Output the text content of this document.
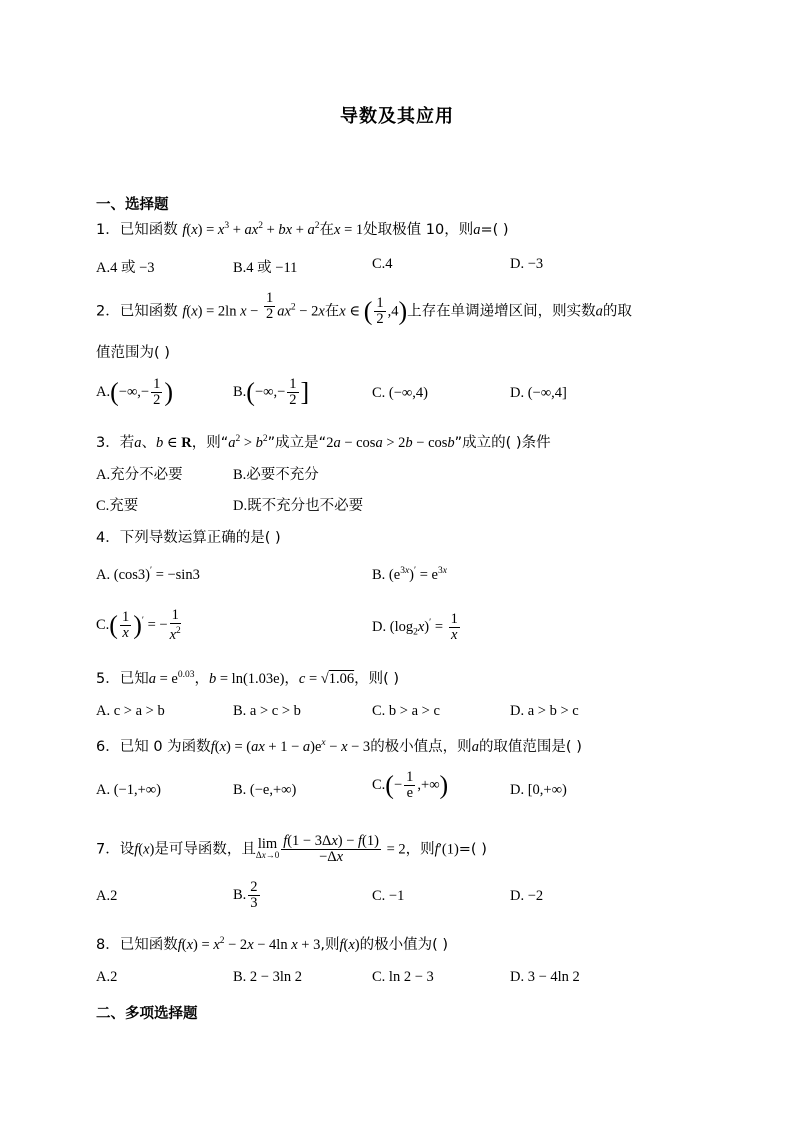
导数及其应用
一、选择题
1．已知函数 $f(x) = x^3 + ax^2$ + bx + $a^2$在x = 1处取极值 10，则a=( )
A.4 或 −3	B.4 或 −11	C.4	D. −3
2．已知函数 f(x) = 2ln $x - \frac{1}{2} ax^2 - 2x$在x ∈ ( $\frac{1}{2} ,4$)上存在单调递增区间，则实数a的取
值范围为( )
$A.(-\infty,- \frac{1}{2}$ )	$B.(-\infty,- \frac{1}{2}$ ]	C. (−∞,4)	D. (−∞,4]
3．若a、b ∈ R，则“$a^2 > b^2$”成立是“2a − cosa > 2b − cosb”成立的( )条件
A.充分不必要	B.必要不充分
C.充要	D.既不充分也不必要
4．下列导数运算正确的是( )
A. (cos3)′ = −sin3	B. $(e^{3x})' = e^{3x}$
$C.( \frac{1}{x} )'$ = − $\frac{1}{x^2}$	D. $(\log_2x)' = \frac{1}{x}$
5．已知$a = e^{0.03}$，b = ln(1.03e)，c = √1.06，则( )
A. c > a > b	B. a > c > b	C. b > a > c	D. a > b > c
6．已知 0 为函数$f(x) = (ax + 1 - a)e^x - x - 3$的极小值点，则a的取值范围是( )
A. (−1,+∞)	B. (−e,+∞)	$C.(- \frac{1}{e}$ ,+∞)	D. [0,+∞)
7．设f(x)是可导函数，且 lim
$\Delta x\to 0 \frac{f(1 - 3\Delta x) - f(1)}{-\Delta x} = 2$，则f′(1)=( )
A.2	B. $\frac{2}{3}$	C. −1	D. −2
8．已知函数$f(x) = x^2 - 2x - 4\ln$ x + 3,则f(x)的极小值为( )
A.2	B. 2 − 3ln 2	C. ln 2 − 3	D. 3 − 4ln 2
二、多项选择题
